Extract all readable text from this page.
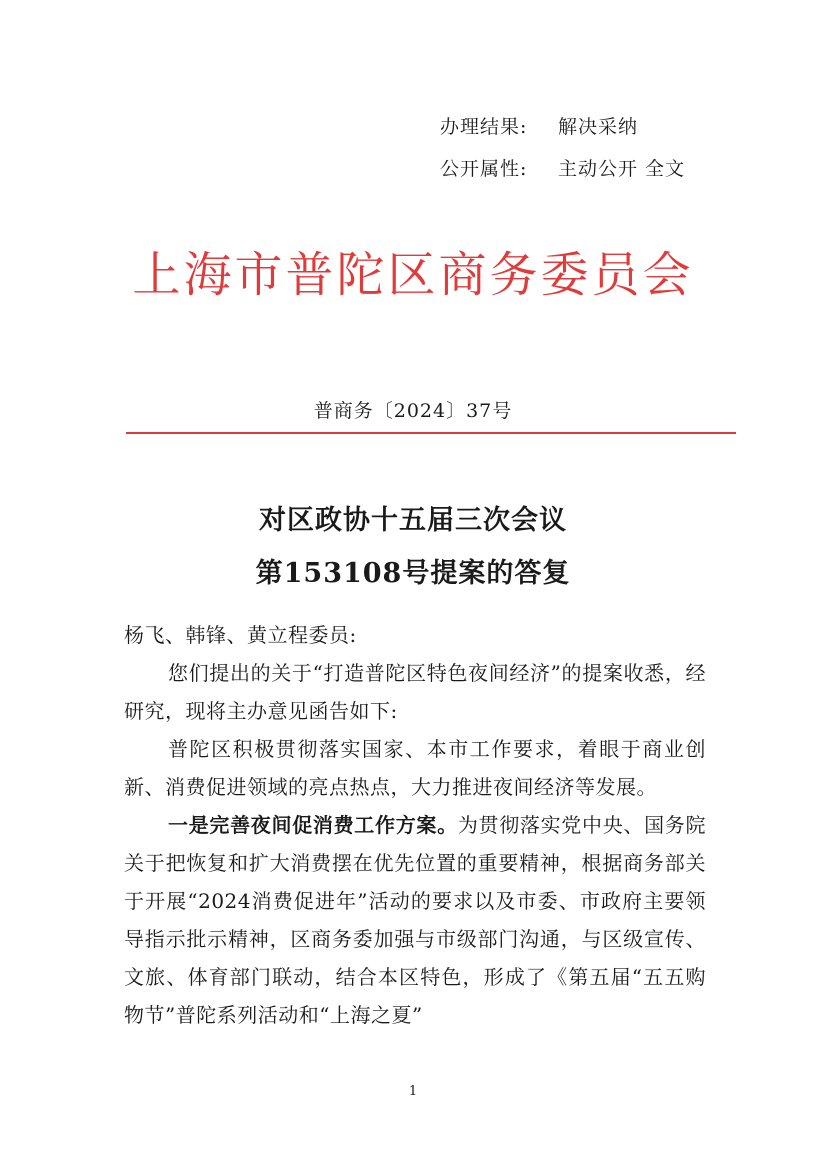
办理结果: 解决采纳
公开属性: 主动公开 全文
上海市普陀区商务委员会
普商务〔2024〕37号
对区政协十五届三次会议
第153108号提案的答复

杨飞、韩锋、黄立程委员:

您们提出的关于“打造普陀区特色夜间经济”的提案收悉，经研究，现将主办意见函告如下:

普陀区积极贯彻落实国家、本市工作要求，着眼于商业创新、消费促进领域的亮点热点，大力推进夜间经济等发展。

一是完善夜间促消费工作方案。为贯彻落实党中央、国务院关于把恢复和扩大消费摆在优先位置的重要精神，根据商务部关于开展“2024消费促进年”活动的要求以及市委、市政府主要领导指示批示精神，区商务委加强与市级部门沟通，与区级宣传、文旅、体育部门联动，结合本区特色，形成了《第五届“五五购物节”普陀系列活动和“上海之夏”

1
